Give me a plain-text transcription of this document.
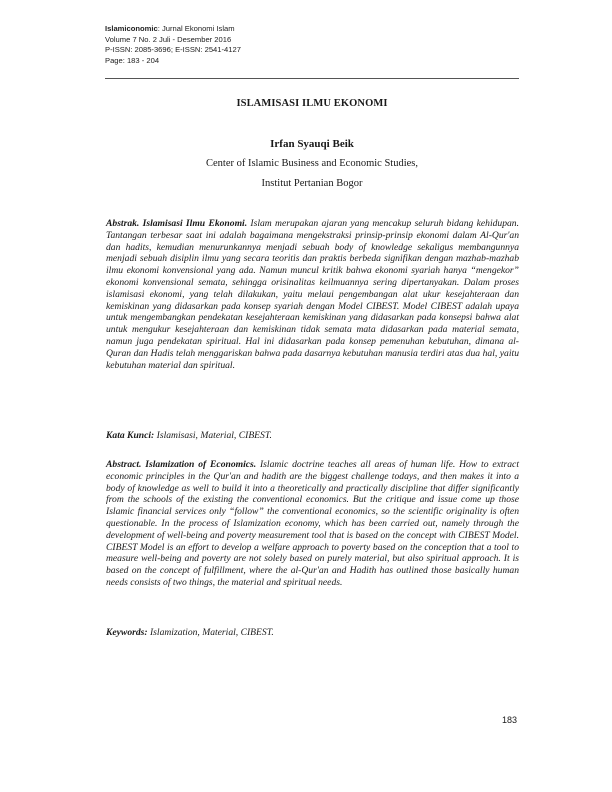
Islamiconomic: Jurnal Ekonomi Islam
Volume 7 No. 2 Juli - Desember 2016
P-ISSN: 2085-3696; E-ISSN: 2541-4127
Page: 183 - 204
ISLAMISASI ILMU EKONOMI
Irfan Syauqi Beik
Center of Islamic Business and Economic Studies,
Institut Pertanian Bogor

Abstrak. Islamisasi Ilmu Ekonomi. Islam merupakan ajaran yang mencakup seluruh bidang kehidupan. Tantangan terbesar saat ini adalah bagaimana mengekstraksi prinsip-prinsip ekonomi dalam Al-Qur'an dan hadits, kemudian menurunkannya menjadi sebuah body of knowledge sekaligus membangunnya menjadi sebuah disiplin ilmu yang secara teoritis dan praktis berbeda signifikan dengan mazhab-mazhab ilmu ekonomi konvensional yang ada. Namun muncul kritik bahwa ekonomi syariah hanya “mengekor” ekonomi konvensional semata, sehingga orisinalitas keilmuannya sering dipertanyakan. Dalam proses islamisasi ekonomi, yang telah dilakukan, yaitu melaui pengembangan alat ukur kesejahteraan dan kemiskinan yang didasarkan pada konsep syariah dengan Model CIBEST. Model CIBEST adalah upaya untuk mengembangkan pendekatan kesejahteraan kemiskinan yang didasarkan pada konsepsi bahwa alat untuk mengukur kesejahteraan dan kemiskinan tidak semata mata didasarkan pada material semata, namun juga pendekatan spiritual. Hal ini didasarkan pada konsep pemenuhan kebutuhan, dimana al-Quran dan Hadis telah menggariskan bahwa pada dasarnya kebutuhan manusia terdiri atas dua hal, yaitu kebutuhan material dan spiritual.

Kata Kunci: Islamisasi, Material, CIBEST.

Abstract. Islamization of Economics. Islamic doctrine teaches all areas of human life. How to extract economic principles in the Qur'an and hadith are the biggest challenge todays, and then makes it into a body of knowledge as well to build it into a theoretically and practically discipline that differ significantly from the schools of the existing the conventional economics. But the critique and issue come up those Islamic financial services only “follow” the conventional economics, so the scientific originality is often questionable. In the process of Islamization economy, which has been carried out, namely through the development of well-being and poverty measurement tool that is based on the concept with CIBEST Model. CIBEST Model is an effort to develop a welfare approach to poverty based on the conception that a tool to measure well-being and poverty are not solely based on purely material, but also spiritual approach. It is based on the concept of fulfillment, where the al-Qur'an and Hadith has outlined those basically human needs consists of two things, the material and spiritual needs.

Keywords: Islamization, Material, CIBEST.
183
